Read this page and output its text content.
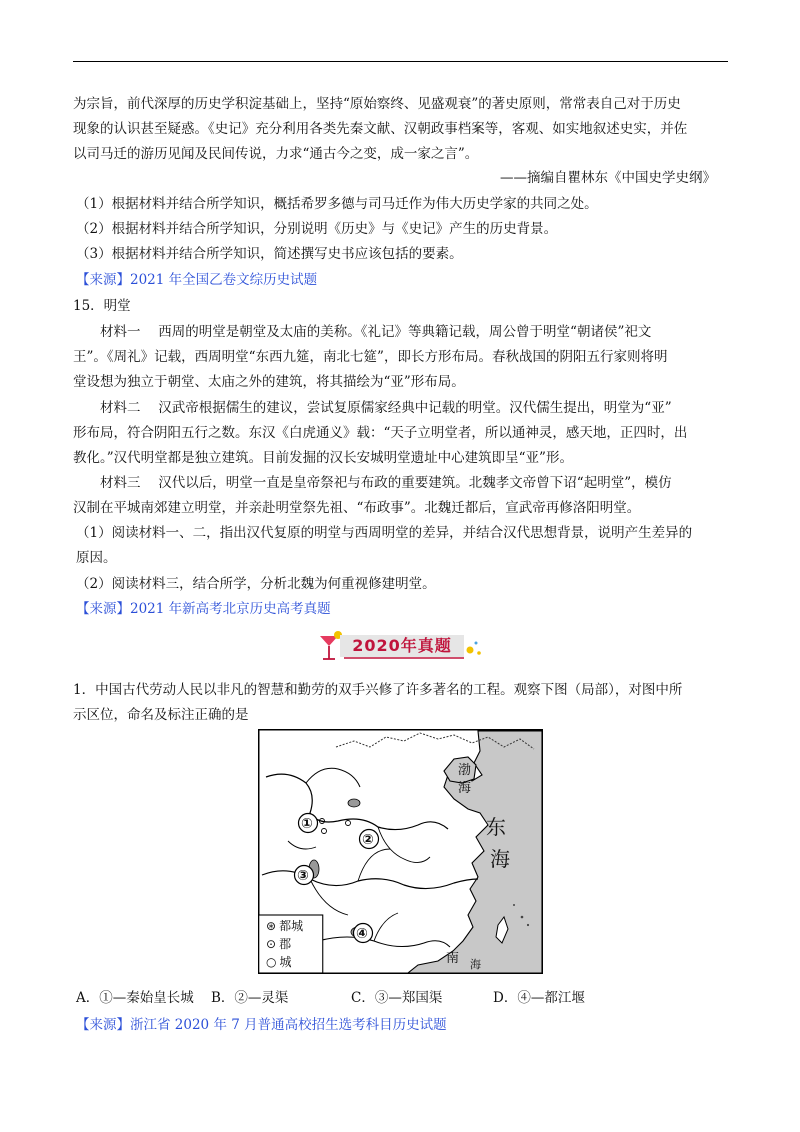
为宗旨，前代深厚的历史学积淀基础上，坚持“原始察终、见盛观衰”的著史原则，常常表自己对于历史
现象的认识甚至疑惑。《史记》充分利用各类先秦文献、汉朝政事档案等，客观、如实地叙述史实，并佐
以司马迁的游历见闻及民间传说，力求“通古今之变，成一家之言”。
——摘编自瞿林东《中国史学史纲》
（1）根据材料并结合所学知识，概括希罗多德与司马迁作为伟大历史学家的共同之处。
（2）根据材料并结合所学知识，分别说明《历史》与《史记》产生的历史背景。
（3）根据材料并结合所学知识，简述撰写史书应该包括的要素。
【来源】2021 年全国乙卷文综历史试题
15．明堂
材料一　 西周的明堂是朝堂及太庙的美称。《礼记》等典籍记载，周公曾于明堂“朝诸侯”祀文
王”。《周礼》记载，西周明堂“东西九筵，南北七筵”，即长方形布局。春秋战国的阴阳五行家则将明
堂设想为独立于朝堂、太庙之外的建筑，将其描绘为“亚”形布局。
材料二　 汉武帝根据儒生的建议，尝试复原儒家经典中记载的明堂。汉代儒生提出，明堂为“亚”
形布局，符合阴阳五行之数。东汉《白虎通义》载：“天子立明堂者，所以通神灵，感天地，正四时，出
教化。”汉代明堂都是独立建筑。目前发掘的汉长安城明堂遗址中心建筑即呈“亚”形。
材料三　 汉代以后，明堂一直是皇帝祭祀与布政的重要建筑。北魏孝文帝曾下诏“起明堂”，模仿
汉制在平城南郊建立明堂，并亲赴明堂祭先祖、“布政事”。北魏迁都后，宣武帝再修洛阳明堂。
（1）阅读材料一、二，指出汉代复原的明堂与西周明堂的差异，并结合汉代思想背景，说明产生差异的
原因。
（2）阅读材料三，结合所学，分析北魏为何重视修建明堂。
【来源】2021 年新高考北京历史高考真题
2020年真题
1．中国古代劳动人民以非凡的智慧和勤劳的双手兴修了许多著名的工程。观察下图（局部），对图中所
示区位，命名及标注正确的是
渤
海
东
海
南 海
①
②
③
④
⊛ 都城
⊙ 郡
○ 城
A．①—秦始皇长城 B．②—灵渠	C．③—郑国渠	D．④—都江堰
【来源】浙江省 2020 年 7 月普通高校招生选考科目历史试题
